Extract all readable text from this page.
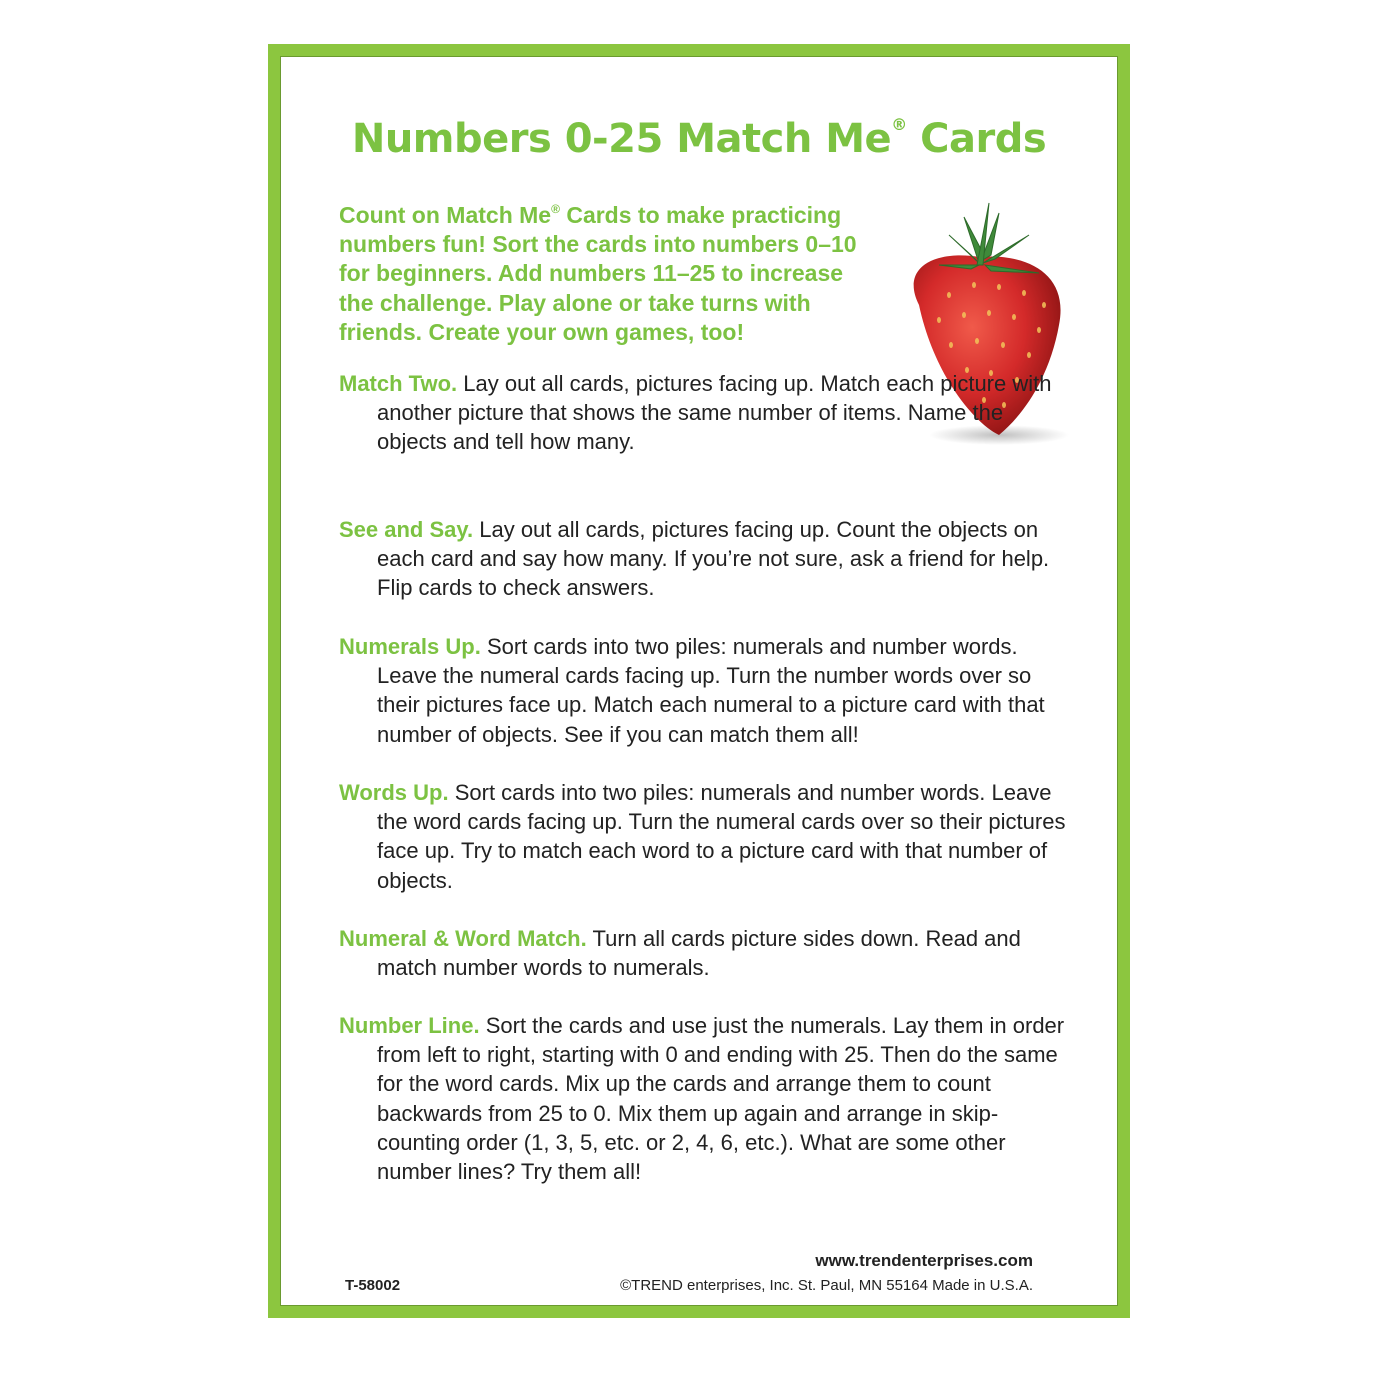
Numbers 0-25 Match Me® Cards

Count on Match Me® Cards to make practicing numbers fun! Sort the cards into numbers 0–10 for beginners. Add numbers 11–25 to increase the challenge. Play alone or take turns with friends. Create your own games, too!

Match Two. Lay out all cards, pictures facing up. Match each picture with another picture that shows the same number of items. Name the objects and tell how many.

See and Say. Lay out all cards, pictures facing up. Count the objects on each card and say how many. If you’re not sure, ask a friend for help. Flip cards to check answers.

Numerals Up. Sort cards into two piles: numerals and number words. Leave the numeral cards facing up. Turn the number words over so their pictures face up. Match each numeral to a picture card with that number of objects. See if you can match them all!

Words Up. Sort cards into two piles: numerals and number words. Leave the word cards facing up. Turn the numeral cards over so their pictures face up. Try to match each word to a picture card with that number of objects.

Numeral & Word Match. Turn all cards picture sides down. Read and match number words to numerals.

Number Line. Sort the cards and use just the numerals. Lay them in order from left to right, starting with 0 and ending with 25. Then do the same for the word cards. Mix up the cards and arrange them to count backwards from 25 to 0. Mix them up again and arrange in skip-counting order (1, 3, 5, etc. or 2, 4, 6, etc.). What are some other number lines? Try them all!

www.trendenterprises.com
©TREND enterprises, Inc. St. Paul, MN 55164 Made in U.S.A.
T-58002
